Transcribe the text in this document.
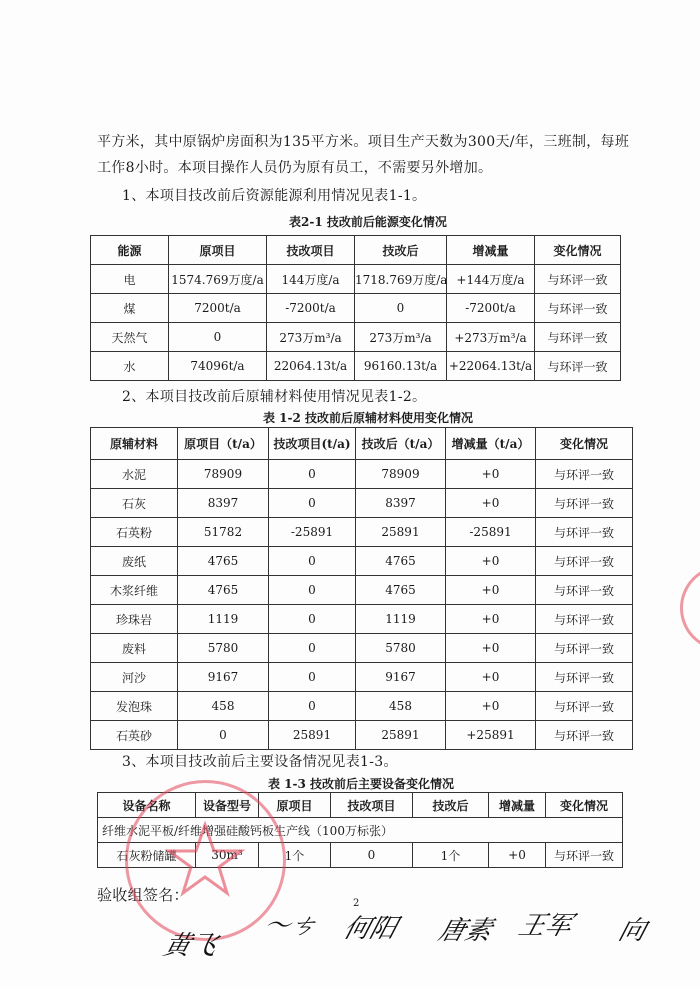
平方米，其中原锅炉房面积为135平方米。项目生产天数为300天/年，三班制，每班
工作8小时。本项目操作人员仍为原有员工，不需要另外增加。
1、本项目技改前后资源能源利用情况见表1-1。
表2-1 技改前后能源变化情况
能源	原项目	技改项目	技改后	增减量	变化情况
电	1574.769万度/a	144万度/a	1718.769万度/a	+144万度/a	与环评一致
煤	7200t/a	-7200t/a	0	-7200t/a	与环评一致
天然气	0	273万m³/a	273万m³/a	+273万m³/a	与环评一致
水	74096t/a	22064.13t/a	96160.13t/a	+22064.13t/a	与环评一致
2、本项目技改前后原辅材料使用情况见表1-2。
表 1-2 技改前后原辅材料使用变化情况
原辅材料	原项目（t/a）	技改项目(t/a)	技改后（t/a）	增减量（t/a）	变化情况
水泥	78909	0	78909	+0	与环评一致
石灰	8397	0	8397	+0	与环评一致
石英粉	51782	-25891	25891	-25891	与环评一致
废纸	4765	0	4765	+0	与环评一致
木浆纤维	4765	0	4765	+0	与环评一致
珍珠岩	1119	0	1119	+0	与环评一致
废料	5780	0	5780	+0	与环评一致
河沙	9167	0	9167	+0	与环评一致
发泡珠	458	0	458	+0	与环评一致
石英砂	0	25891	25891	+25891	与环评一致
3、本项目技改前后主要设备情况见表1-3。
表 1-3 技改前后主要设备变化情况
设备名称	设备型号	原项目	技改项目	技改后	增减量	变化情况
纤维水泥平板/纤维增强硅酸钙板生产线（100万标张）						
石灰粉储罐	30m³	1个	0	1个	+0	与环评一致
验收组签名：	2
黄飞
〜ㄘ 何阳 唐素 王军 向
